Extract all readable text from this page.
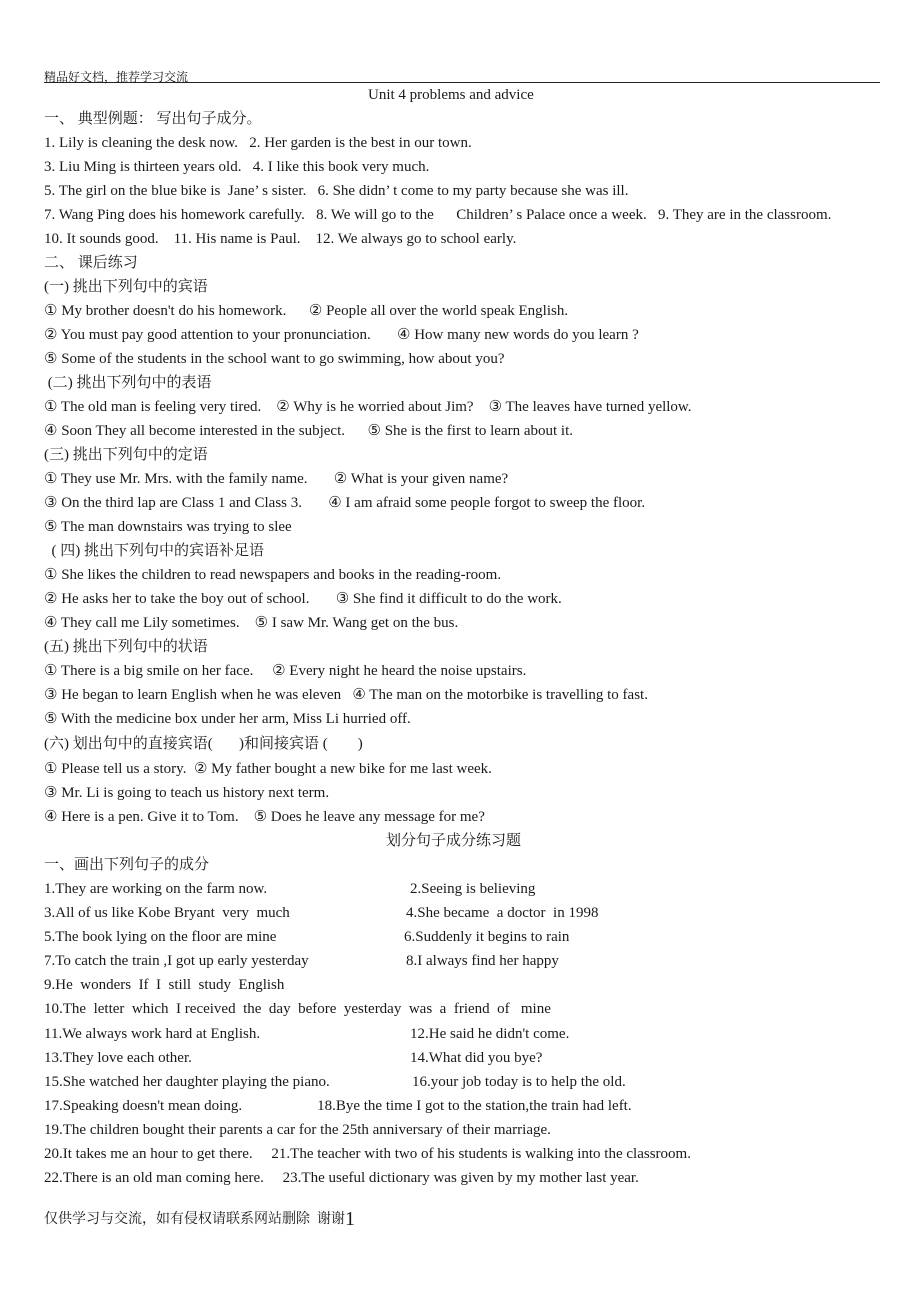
精品好文档，推荐学习交流
Unit 4 problems and advice
一、 典型例题： 写出句子成分。
1. Lily is cleaning the desk now.   2. Her garden is the best in our town.
3. Liu Ming is thirteen years old.   4. I like this book very much.
5. The girl on the blue bike is  Jane’ s sister.   6. She didn’ t come to my party because she was ill.
7. Wang Ping does his homework carefully.   8. We will go to the      Children’ s Palace once a week.   9. They are in the classroom.
10. It sounds good.    11. His name is Paul.    12. We always go to school early.
二、 课后练习
(一) 挑出下列句中的宾语
① My brother doesn't do his homework.      ② People all over the world speak English.
② You must pay good attention to your pronunciation.       ④ How many new words do you learn ?
⑤ Some of the students in the school want to go swimming, how about you?
(二) 挑出下列句中的表语
① The old man is feeling very tired.    ② Why is he worried about Jim?    ③ The leaves have turned yellow.
④ Soon They all become interested in the subject.      ⑤ She is the first to learn about it.
(三) 挑出下列句中的定语
① They use Mr. Mrs. with the family name.       ② What is your given name?
③ On the third lap are Class 1 and Class 3.       ④ I am afraid some people forgot to sweep the floor.
⑤ The man downstairs was trying to slee
( 四) 挑出下列句中的宾语补足语
① She likes the children to read newspapers and books in the reading-room.
② He asks her to take the boy out of school.       ③ She find it difficult to do the work.
④ They call me Lily sometimes.    ⑤ I saw Mr. Wang get on the bus.
(五) 挑出下列句中的状语
① There is a big smile on her face.     ② Every night he heard the noise upstairs.
③ He began to learn English when he was eleven   ④ The man on the motorbike is travelling to fast.
⑤ With the medicine box under her arm, Miss Li hurried off.
(六) 划出句中的直接宾语(       )和间接宾语 (        )
① Please tell us a story.  ② My father bought a new bike for me last week.
③ Mr. Li is going to teach us history next term.
④ Here is a pen. Give it to Tom.    ⑤ Does he leave any message for me?
划分句子成分练习题
一、画出下列句子的成分
1.They are working on the farm now.	2.Seeing is believing
3.All of us like Kobe Bryant  very  much	4.She became  a doctor  in 1998
5.The book lying on the floor are mine	6.Suddenly it begins to rain
7.To catch the train ,I got up early yesterday	8.I always find her happy
9.He  wonders  If  I  still  study  English
10.The  letter  which  I received  the  day  before  yesterday  was  a  friend  of   mine
11.We always work hard at English.	12.He said he didn't come.
13.They love each other.	14.What did you bye?
15.She watched her daughter playing the piano.	16.your job today is to help the old.
17.Speaking doesn't mean doing.                    18.Bye the time I got to the station,the train had left.
19.The children bought their parents a car for the 25th anniversary of their marriage.
20.It takes me an hour to get there.     21.The teacher with two of his students is walking into the classroom.
22.There is an old man coming here.     23.The useful dictionary was given by my mother last year.
仅供学习与交流，如有侵权请联系网站删除  谢谢1
